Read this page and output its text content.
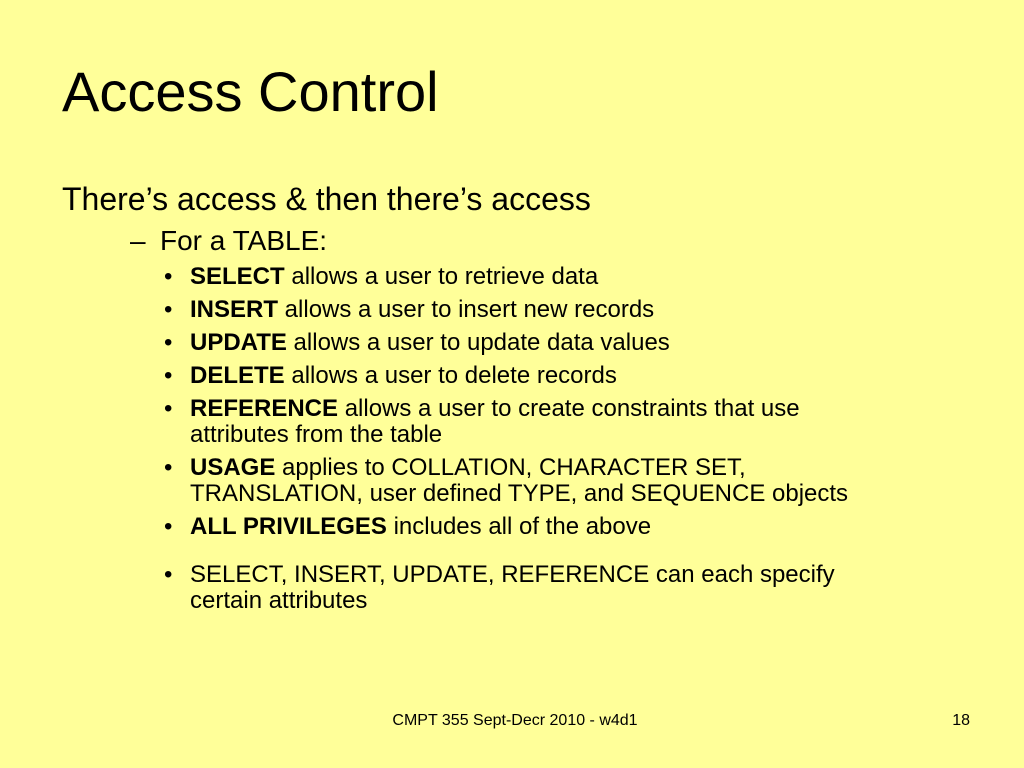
Access Control

There’s access & then there’s access

– For a TABLE:

• SELECT allows a user to retrieve data
• INSERT allows a user to insert new records
• UPDATE allows a user to update data values
• DELETE allows a user to delete records
• REFERENCE allows a user to create constraints that use attributes from the table
• USAGE applies to COLLATION, CHARACTER SET, TRANSLATION, user defined TYPE, and SEQUENCE objects
• ALL PRIVILEGES includes all of the above
• SELECT, INSERT, UPDATE, REFERENCE can each specify certain attributes
CMPT 355 Sept-Decr 2010 - w4d1	18
